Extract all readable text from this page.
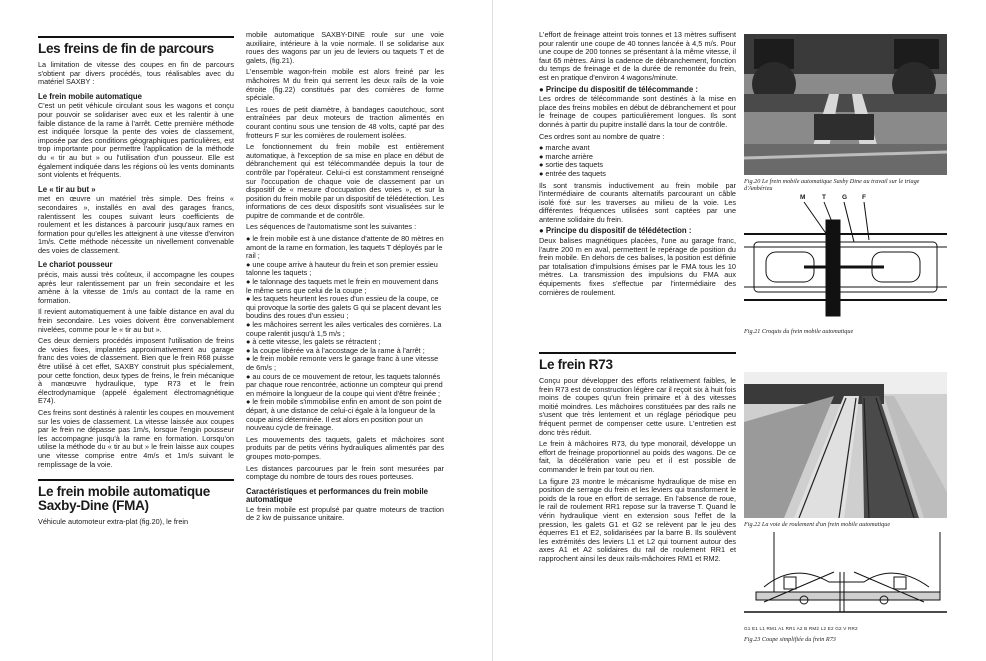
Les freins de fin de parcours

La limitation de vitesse des coupes en fin de parcours s'obtient par divers procédés, tous réalisables avec du matériel SAXBY :

Le frein mobile automatique

C'est un petit véhicule circulant sous les wagons et conçu pour pouvoir se solidariser avec eux et les ralentir à une faible distance de la rame à l'arrêt. Cette première méthode est indiquée lorsque la pente des voies de classement, imposée par des conditions géographiques particulières, est trop importante pour permettre l'application de la méthode du « tir au but » ou l'utilisation d'un pousseur. Elle est également indiquée dans les régions où les vents dominants sont violents et fréquents.

Le « tir au but »

met en œuvre un matériel très simple. Des freins « secondaires », installés en aval des garages francs, ralentissent les coupes suivant leurs coefficients de roulement et les distances à parcourir jusqu'aux rames en formation pour qu'elles les atteignent à une vitesse d'environ 1m/s. Cette méthode nécessite un nivellement convenable des voies de classement.

Le chariot pousseur

précis, mais aussi très coûteux, il accompagne les coupes après leur ralentissement par un frein secondaire et les amène à la vitesse de 1m/s au contact de la rame en formation.

Il revient automatiquement à une faible distance en aval du frein secondaire. Les voies doivent être convenablement nivelées, comme pour le « tir au but ».

Ces deux derniers procédés imposent l'utilisation de freins de voies fixes, implantés approximativement au garage franc des voies de classement. Bien que le frein R68 puisse être utilisé à cet effet, SAXBY construit plus spécialement, pour cette fonction, deux types de freins, le frein mécanique à manœuvre hydraulique, type R73 et le frein électrodynamique (appelé également électromagnétique E74).

Ces freins sont destinés à ralentir les coupes en mouvement sur les voies de classement. La vitesse laissée aux coupes par le frein ne dépasse pas 1m/s, lorsque l'engin pousseur les accompagne jusqu'à la rame en formation. Lorsqu'on utilise la méthode du « tir au but » le frein laisse aux coupes une vitesse comprise entre 4m/s et 1m/s suivant le remplissage de la voie.

Le frein mobile automatique Saxby-Dine (FMA)

Véhicule automoteur extra-plat (fig.20), le frein

mobile automatique SAXBY-DINE roule sur une voie auxiliaire, intérieure à la voie normale. Il se solidarise aux roues des wagons par un jeu de leviers ou taquets T et de galets, (fig.21).

L'ensemble wagon-frein mobile est alors freiné par les mâchoires M du frein qui serrent les deux rails de la voie étroite (fig.22) constitués par des cornières de forme spéciale.

Les roues de petit diamètre, à bandages caoutchouc, sont entraînées par deux moteurs de traction alimentés en courant continu sous une tension de 48 volts, capté par des frotteurs F sur les cornières de roulement isolées.

Le fonctionnement du frein mobile est entièrement automatique, à l'exception de sa mise en place en début de débranchement qui est télécommandée depuis la tour de contrôle par l'opérateur. Celui-ci est constamment renseigné sur l'occupation de chaque voie de classement par un dispositif de « mesure d'occupation des voies », et sur la position du frein mobile par un dispositif de télédétection. Les informations de ces deux dispositifs sont visualisées sur le pupitre de commande et de contrôle.

Les séquences de l'automatisme sont les suivantes :

● le frein mobile est à une distance d'attente de 80 mètres en amont de la rame en formation, les taquets T déployés par le rail ;
● une coupe arrive à hauteur du frein et son premier essieu talonne les taquets ;
● le talonnage des taquets met le frein en mouvement dans le même sens que celui de la coupe ;
● les taquets heurtent les roues d'un essieu de la coupe, ce qui provoque la sortie des galets G qui se placent devant les boudins des roues d'un essieu ;
● les mâchoires serrent les ailes verticales des cornières. La coupe ralentit jusqu'à 1,5 m/s ;
● à cette vitesse, les galets se rétractent ;
● la coupe libérée va à l'accostage de la rame à l'arrêt ;
● le frein mobile remonte vers le garage franc à une vitesse de 6m/s ;
● au cours de ce mouvement de retour, les taquets talonnés par chaque roue rencontrée, actionne un compteur qui prend en mémoire la longueur de la coupe qui vient d'être freinée ;
● le frein mobile s'immobilise enfin en amont de son point de départ, à une distance de celui-ci égale à la longueur de la coupe ainsi déterminée. Il est alors en position pour un nouveau cycle de freinage.

Les mouvements des taquets, galets et mâchoires sont produits par de petits vérins hydrauliques alimentés par des groupes moto-pompes.

Les distances parcourues par le frein sont mesurées par comptage du nombre de tours des roues porteuses.

Caractéristiques et performances du frein mobile automatique

Le frein mobile est propulsé par quatre moteurs de traction de 2 kw de puissance unitaire.

L'effort de freinage atteint trois tonnes et 13 mètres suffisent pour ralentir une coupe de 40 tonnes lancée à 4,5 m/s. Pour une coupe de 200 tonnes se présentant à la même vitesse, il faut 65 mètres. Ainsi la cadence de débranchement, fonction du temps de freinage et de la durée de remontée du frein, est en pratique d'environ 4 wagons/minute.

● Principe du dispositif de télécommande :

Les ordres de télécommande sont destinés à la mise en place des freins mobiles en début de débranchement et pour le freinage de coupes particulièrement longues. Ils sont donnés à partir du pupitre installé dans la tour de contrôle.

Ces ordres sont au nombre de quatre :

● marche avant
● marche arrière
● sortie des taquets
● entrée des taquets

Ils sont transmis inductivement au frein mobile par l'intermédiaire de courants alternatifs parcourant un câble isolé fixé sur les traverses au milieu de la voie. Les différentes fréquences utilisées sont captées par une antenne solidaire du frein.

● Principe du dispositif de télédétection :

Deux balises magnétiques placées, l'une au garage franc, l'autre 200 m en aval, permettent le repérage de position du frein mobile. En dehors de ces balises, la position est définie par totalisation d'impulsions émises par le FMA tous les 10 mètres. La transmission des impulsions du FMA aux équipements fixes s'effectue par l'intermédiaire des cornières de roulement.

Le frein R73

Conçu pour développer des efforts relativement faibles, le frein R73 est de construction légère car il reçoit six à huit fois moins de coupes qu'un frein primaire et à des vitesses moitié moindres. Les mâchoires constituées par des rails ne s'usent que très lentement et un réglage périodique peu fréquent permet de compenser cette usure. L'entretien est donc très réduit.

Le frein à mâchoires R73, du type monorail, développe un effort de freinage proportionnel au poids des wagons. De ce fait, la décélération varie peu et il est possible de commander le frein par tout ou rien.

La figure 23 montre le mécanisme hydraulique de mise en position de serrage du frein et les leviers qui transforment le poids de la roue en effort de serrage. En l'absence de roue, le rail de roulement RR1 repose sur la traverse T. Quand le vérin hydraulique vient en extension sous l'effet de la pression, les galets G1 et G2 se relèvent par le jeu des équerres E1 et E2, solidarisées par la barre B. Ils soulèvent les extrémités des leviers L1 et L2 qui tournent autour des axes A1 et A2 solidaires du rail de roulement RR1 et rapprochent ainsi les deux rails-mâchoires RM1 et RM2.

Fig.20 Le frein mobile automatique Saxby Dine au travail sur le triage d'Ambérieu
M	T G F
Fig.21 Croquis du frein mobile automatique
Fig.22 La voie de roulement d'un frein mobile automatique
G1 E1 L1 RM1 A1 RR1 A2 B RM2 L2 E2 G2 V RR2
Fig.23 Coupe simplifiée du frein R73
